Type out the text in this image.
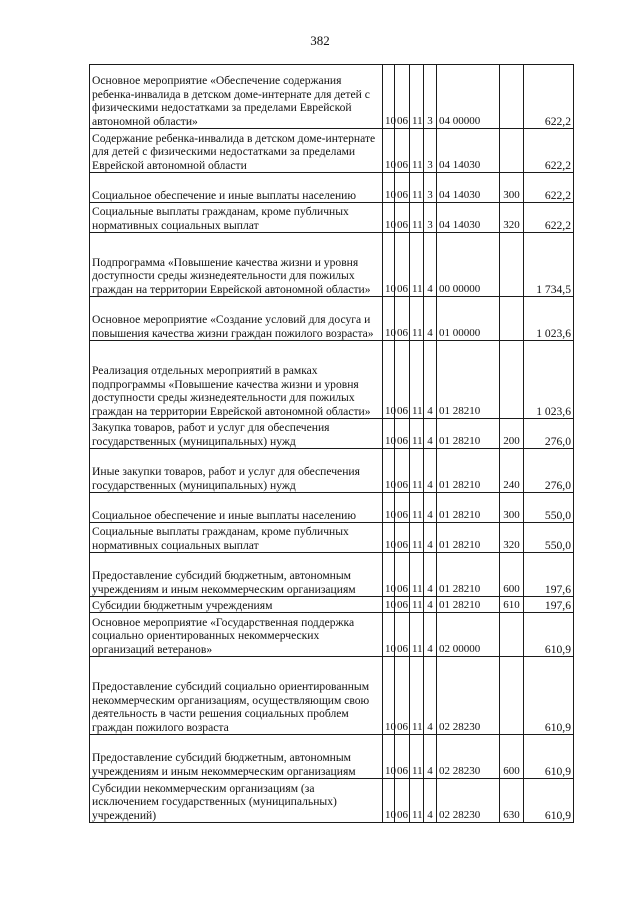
382
Основное мероприятие «Обеспечение содержания ребенка-инвалида в детском доме-интернате для детей с физическими недостатками за пределами Еврейской автономной области»	10	06	11	3	04 00000		622,2
Содержание ребенка-инвалида в детском доме-интернате для детей с физическими недостатками за пределами Еврейской автономной области	10	06	11	3	04 14030		622,2
Социальное обеспечение и иные выплаты населению	10	06	11	3	04 14030	300	622,2
Социальные выплаты гражданам, кроме публичных нормативных социальных выплат	10	06	11	3	04 14030	320	622,2
Подпрограмма «Повышение качества жизни и уровня доступности среды жизнедеятельности для пожилых граждан на территории Еврейской автономной области»	10	06	11	4	00 00000		1 734,5
Основное мероприятие «Создание условий для досуга и повышения качества жизни граждан пожилого возраста»	10	06	11	4	01 00000		1 023,6
Реализация отдельных мероприятий в рамках подпрограммы «Повышение качества жизни и уровня доступности среды жизнедеятельности для пожилых граждан на территории Еврейской автономной области»	10	06	11	4	01 28210		1 023,6
Закупка товаров, работ и услуг для обеспечения государственных (муниципальных) нужд	10	06	11	4	01 28210	200	276,0
Иные закупки товаров, работ и услуг для обеспечения государственных (муниципальных) нужд	10	06	11	4	01 28210	240	276,0
Социальное обеспечение и иные выплаты населению	10	06	11	4	01 28210	300	550,0
Социальные выплаты гражданам, кроме публичных нормативных социальных выплат	10	06	11	4	01 28210	320	550,0
Предоставление субсидий бюджетным, автономным учреждениям и иным некоммерческим организациям	10	06	11	4	01 28210	600	197,6
Субсидии бюджетным учреждениям	10	06	11	4	01 28210	610	197,6
Основное мероприятие «Государственная поддержка социально ориентированных некоммерческих организаций ветеранов»	10	06	11	4	02 00000		610,9
Предоставление субсидий социально ориентированным некоммерческим организациям, осуществляющим свою деятельность в части решения социальных проблем граждан пожилого возраста	10	06	11	4	02 28230		610,9
Предоставление субсидий бюджетным, автономным учреждениям и иным некоммерческим организациям	10	06	11	4	02 28230	600	610,9
Субсидии некоммерческим организациям (за исключением государственных (муниципальных) учреждений)	10	06	11	4	02 28230	630	610,9
